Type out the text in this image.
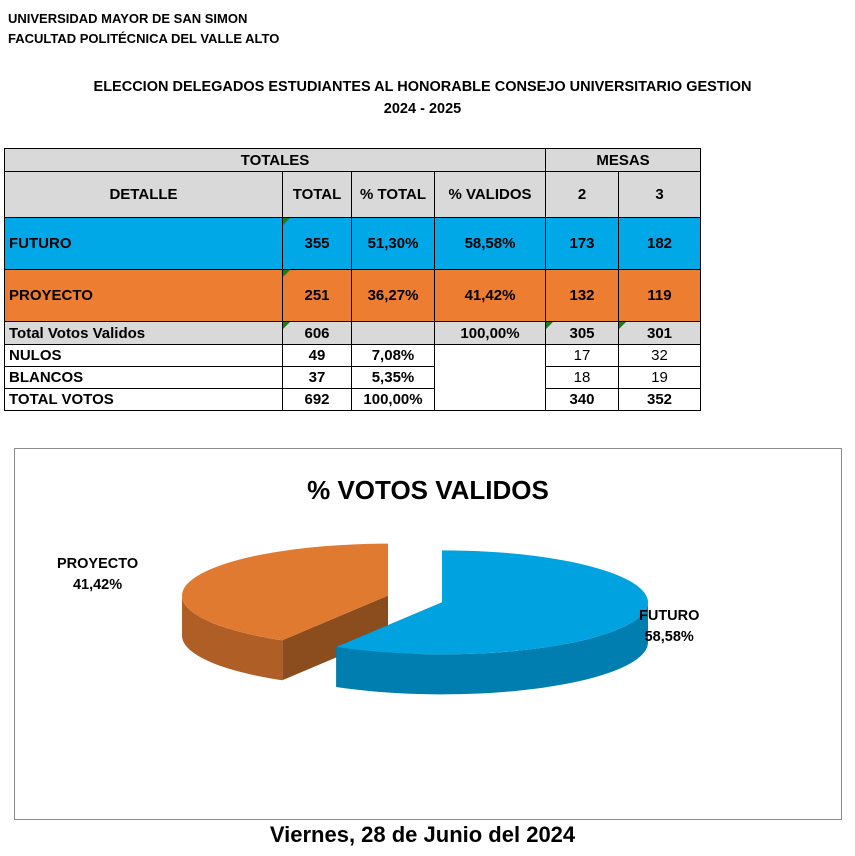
UNIVERSIDAD MAYOR DE SAN SIMON
FACULTAD POLITÉCNICA DEL VALLE ALTO
ELECCION DELEGADOS ESTUDIANTES AL HONORABLE CONSEJO UNIVERSITARIO GESTION
2024 - 2025
TOTALES				MESAS	
DETALLE	TOTAL	% TOTAL	% VALIDOS	2	3
FUTURO	355	51,30%	58,58%	173	182
PROYECTO	251	36,27%	41,42%	132	119
Total Votos Validos	606		100,00%	305	301
NULOS	49	7,08%		17	32
BLANCOS	37	5,35%		18	19
TOTAL VOTOS	692	100,00%		340	352
% VOTOS VALIDOS
PROYECTO
41,42%
FUTURO
58,58%
Viernes, 28 de Junio del 2024
